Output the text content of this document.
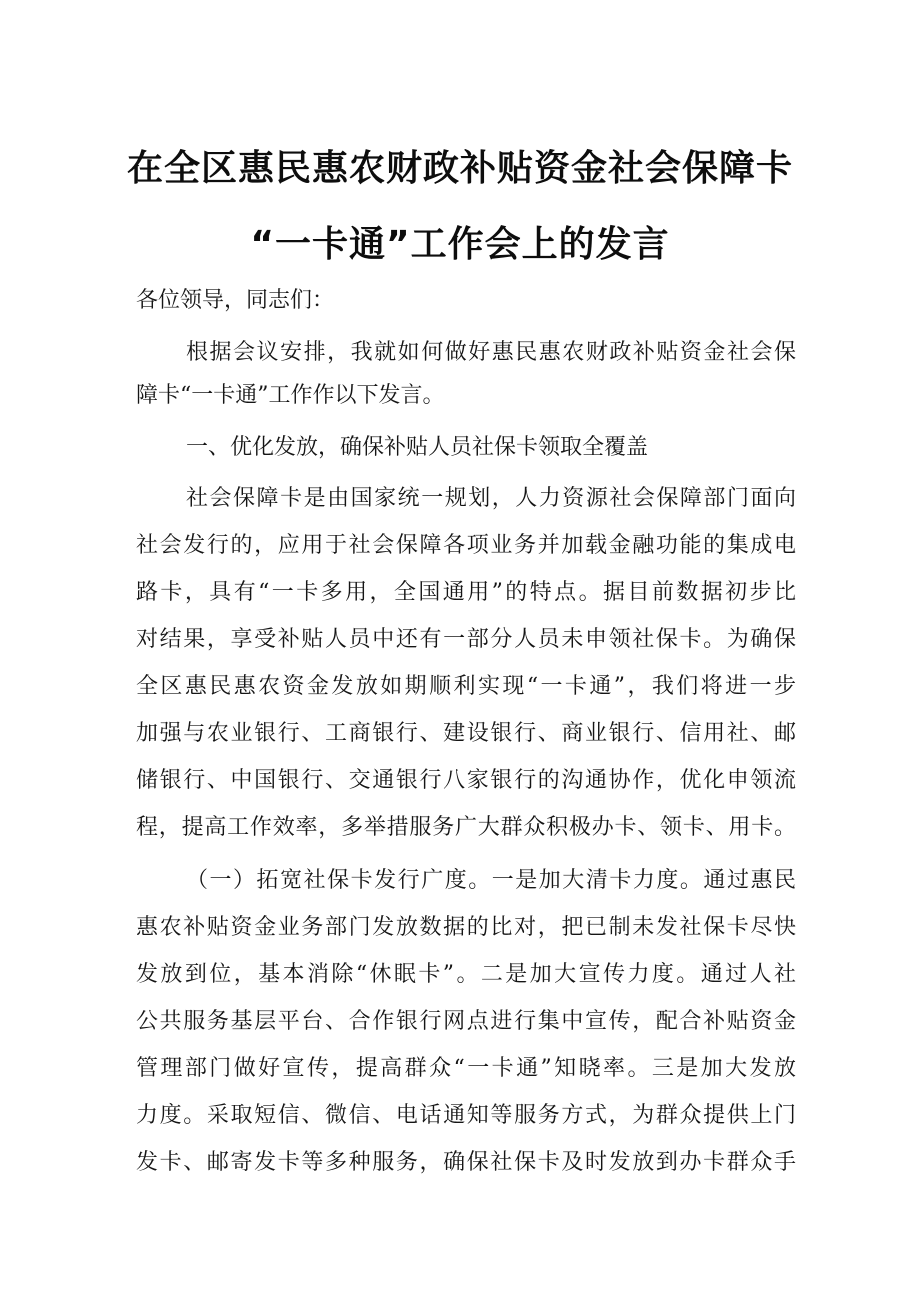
在全区惠民惠农财政补贴资金社会保障卡
“一卡通”工作会上的发言

各位领导，同志们：

根据会议安排，我就如何做好惠民惠农财政补贴资金社会保

障卡“一卡通”工作作以下发言。

一、优化发放，确保补贴人员社保卡领取全覆盖

社会保障卡是由国家统一规划，人力资源社会保障部门面向

社会发行的，应用于社会保障各项业务并加载金融功能的集成电

路卡，具有“一卡多用，全国通用”的特点。据目前数据初步比

对结果，享受补贴人员中还有一部分人员未申领社保卡。为确保

全区惠民惠农资金发放如期顺利实现“一卡通”，我们将进一步

加强与农业银行、工商银行、建设银行、商业银行、信用社、邮

储银行、中国银行、交通银行八家银行的沟通协作，优化申领流

程，提高工作效率，多举措服务广大群众积极办卡、领卡、用卡。

（一）拓宽社保卡发行广度。一是加大清卡力度。通过惠民

惠农补贴资金业务部门发放数据的比对，把已制未发社保卡尽快

发放到位，基本消除“休眠卡”。二是加大宣传力度。通过人社

公共服务基层平台、合作银行网点进行集中宣传，配合补贴资金

管理部门做好宣传，提高群众“一卡通”知晓率。三是加大发放

力度。采取短信、微信、电话通知等服务方式，为群众提供上门

发卡、邮寄发卡等多种服务，确保社保卡及时发放到办卡群众手
